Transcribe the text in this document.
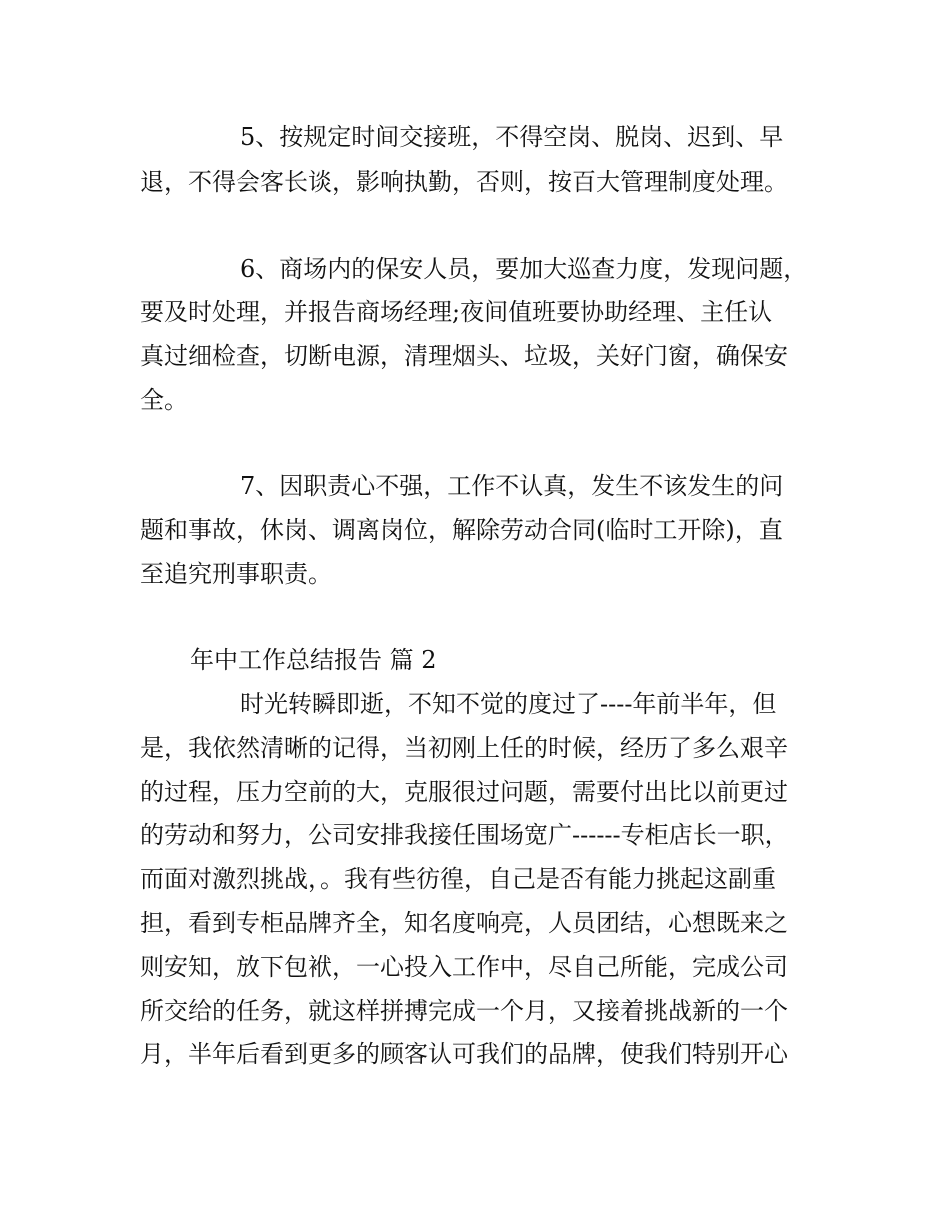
5、按规定时间交接班，不得空岗、脱岗、迟到、早
退，不得会客长谈，影响执勤，否则，按百大管理制度处理。
6、商场内的保安人员，要加大巡查力度，发现问题，
要及时处理，并报告商场经理;夜间值班要协助经理、主任认
真过细检查，切断电源，清理烟头、垃圾，关好门窗，确保安
全。
7、因职责心不强，工作不认真，发生不该发生的问
题和事故，休岗、调离岗位，解除劳动合同(临时工开除)，直
至追究刑事职责。
年中工作总结报告 篇 2
时光转瞬即逝，不知不觉的度过了----年前半年，但
是，我依然清晰的记得，当初刚上任的时候，经历了多么艰辛
的过程，压力空前的大，克服很过问题，需要付出比以前更过
的劳动和努力，公司安排我接任围场宽广------专柜店长一职，
而面对激烈挑战，。我有些彷徨，自己是否有能力挑起这副重
担，看到专柜品牌齐全，知名度响亮，人员团结，心想既来之
则安知，放下包袱，一心投入工作中，尽自己所能，完成公司
所交给的任务，就这样拼搏完成一个月，又接着挑战新的一个
月，半年后看到更多的顾客认可我们的品牌，使我们特别开心
